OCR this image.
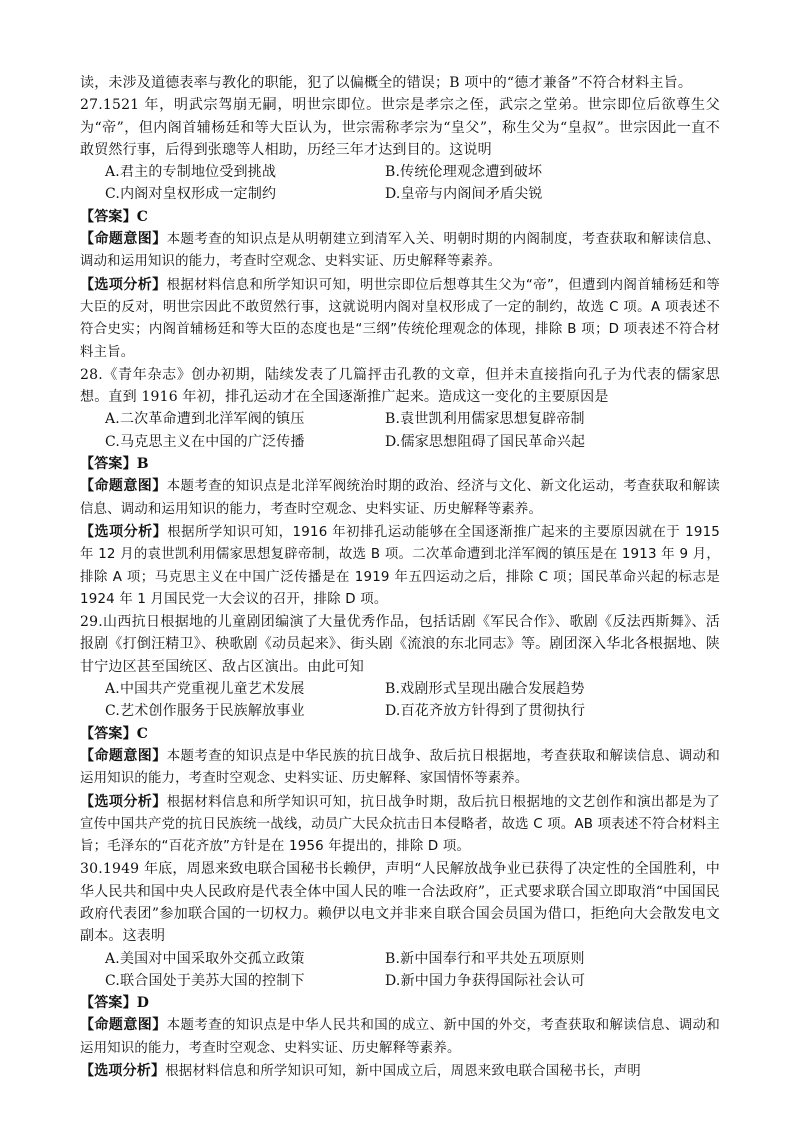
读，未涉及道德表率与教化的职能，犯了以偏概全的错误；B 项中的“德才兼备”不符合材料主旨。

27.1521 年，明武宗驾崩无嗣，明世宗即位。世宗是孝宗之侄，武宗之堂弟。世宗即位后欲尊生父为“帝”，但内阁首辅杨廷和等大臣认为，世宗需称孝宗为“皇父”，称生父为“皇叔”。世宗因此一直不敢贸然行事，后得到张璁等人相助，历经三年才达到目的。这说明

A.君主的专制地位受到挑战	B.传统伦理观念遭到破坏
C.内阁对皇权形成一定制约	D.皇帝与内阁间矛盾尖锐

【答案】C

【命题意图】本题考查的知识点是从明朝建立到清军入关、明朝时期的内阁制度，考查获取和解读信息、调动和运用知识的能力，考查时空观念、史料实证、历史解释等素养。

【选项分析】根据材料信息和所学知识可知，明世宗即位后想尊其生父为“帝”，但遭到内阁首辅杨廷和等大臣的反对，明世宗因此不敢贸然行事，这就说明内阁对皇权形成了一定的制约，故选 C 项。A 项表述不符合史实；内阁首辅杨廷和等大臣的态度也是“三纲”传统伦理观念的体现，排除 B 项；D 项表述不符合材料主旨。

28.《青年杂志》创办初期，陆续发表了几篇抨击孔教的文章，但并未直接指向孔子为代表的儒家思想。直到 1916 年初，排孔运动才在全国逐渐推广起来。造成这一变化的主要原因是

A.二次革命遭到北洋军阀的镇压	B.袁世凯利用儒家思想复辟帝制
C.马克思主义在中国的广泛传播	D.儒家思想阻碍了国民革命兴起

【答案】B

【命题意图】本题考查的知识点是北洋军阀统治时期的政治、经济与文化、新文化运动，考查获取和解读信息、调动和运用知识的能力，考查时空观念、史料实证、历史解释等素养。

【选项分析】根据所学知识可知，1916 年初排孔运动能够在全国逐渐推广起来的主要原因就在于 1915 年 12 月的袁世凯利用儒家思想复辟帝制，故选 B 项。二次革命遭到北洋军阀的镇压是在 1913 年 9 月，排除 A 项；马克思主义在中国广泛传播是在 1919 年五四运动之后，排除 C 项；国民革命兴起的标志是 1924 年 1 月国民党一大会议的召开，排除 D 项。

29.山西抗日根据地的儿童剧团编演了大量优秀作品，包括话剧《军民合作》、歌剧《反法西斯舞》、活报剧《打倒汪精卫》、秧歌剧《动员起来》、街头剧《流浪的东北同志》等。剧团深入华北各根据地、陕甘宁边区甚至国统区、敌占区演出。由此可知

A.中国共产党重视儿童艺术发展	B.戏剧形式呈现出融合发展趋势
C.艺术创作服务于民族解放事业	D.百花齐放方针得到了贯彻执行

【答案】C

【命题意图】本题考查的知识点是中华民族的抗日战争、敌后抗日根据地，考查获取和解读信息、调动和运用知识的能力，考查时空观念、史料实证、历史解释、家国情怀等素养。

【选项分析】根据材料信息和所学知识可知，抗日战争时期，敌后抗日根据地的文艺创作和演出都是为了宣传中国共产党的抗日民族统一战线，动员广大民众抗击日本侵略者，故选 C 项。AB 项表述不符合材料主旨；毛泽东的“百花齐放”方针是在 1956 年提出的，排除 D 项。

30.1949 年底，周恩来致电联合国秘书长赖伊，声明“人民解放战争业已获得了决定性的全国胜利，中华人民共和国中央人民政府是代表全体中国人民的唯一合法政府”，正式要求联合国立即取消“中国国民政府代表团”参加联合国的一切权力。赖伊以电文并非来自联合国会员国为借口，拒绝向大会散发电文副本。这表明

A.美国对中国采取外交孤立政策	B.新中国奉行和平共处五项原则
C.联合国处于美苏大国的控制下	D.新中国力争获得国际社会认可

【答案】D

【命题意图】本题考查的知识点是中华人民共和国的成立、新中国的外交，考查获取和解读信息、调动和运用知识的能力，考查时空观念、史料实证、历史解释等素养。

【选项分析】根据材料信息和所学知识可知，新中国成立后，周恩来致电联合国秘书长，声明
